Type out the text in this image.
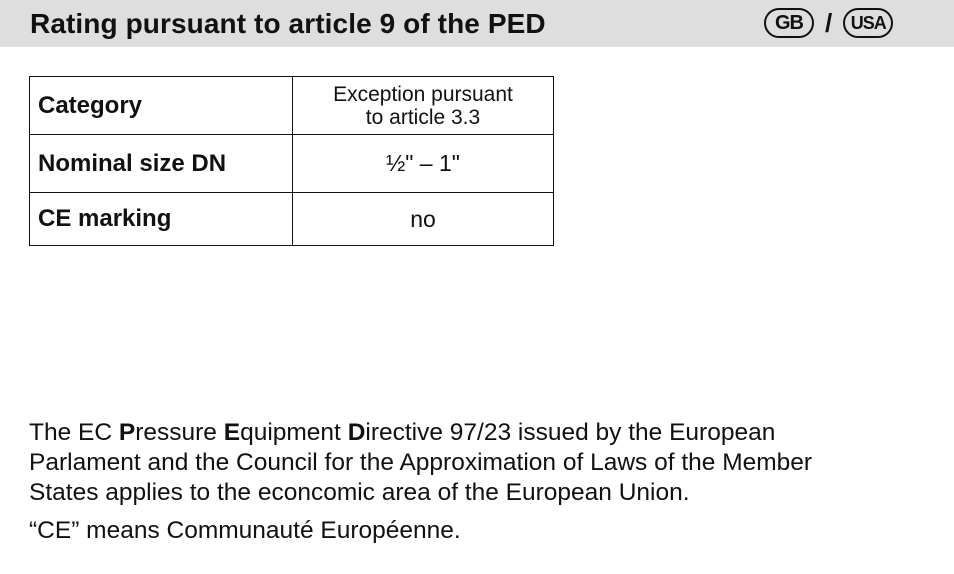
Rating pursuant to article 9 of the PED	GB /	USA
Category	Exception pursuant
to article 3.3
Nominal size DN	½" – 1"
CE marking	no

The EC Pressure Equipment Directive 97/23 issued by the European
Parlament and the Council for the Approximation of Laws of the Member
States applies to the econcomic area of the European Union.

“CE” means Communauté Européenne.
